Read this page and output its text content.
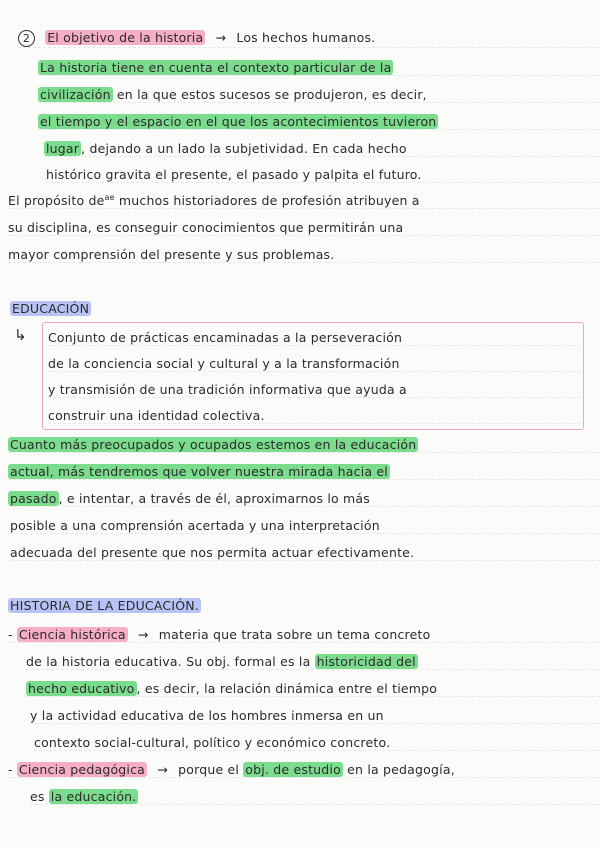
2 El objetivo de la historia → Los hechos humanos.
La historia tiene en cuenta el contexto particular de la
civilización en la que estos sucesos se produjeron, es decir,
el tiempo y el espacio en el que los acontecimientos tuvieron
lugar , dejando a un lado la subjetividad. En cada hecho
histórico gravita el presente, el pasado y palpita el futuro.
El propósito $de^{ae}$ muchos historiadores de profesión atribuyen a
su disciplina, es conseguir conocimientos que permitirán una
mayor comprensión del presente y sus problemas.
EDUCACIÓN
↳	Conjunto de prácticas encaminadas a la perseveración
de la conciencia social y cultural y a la transformación
y transmisión de una tradición informativa que ayuda a
construir una identidad colectiva.
Cuanto más preocupados y ocupados estemos en la educación
actual, más tendremos que volver nuestra mirada hacia el
pasado , e intentar, a través de él, aproximarnos lo más
posible a una comprensión acertada y una interpretación
adecuada del presente que nos permita actuar efectivamente.
HISTORIA DE LA EDUCACIÓN.
- Ciencia histórica → materia que trata sobre un tema concreto
de la historia educativa. Su obj. formal es la historicidad del
hecho educativo , es decir, la relación dinámica entre el tiempo
y la actividad educativa de los hombres inmersa en un
contexto social-cultural, político y económico concreto.
- Ciencia pedagógica → porque el obj. de estudio en la pedagogía,
es la educación.
